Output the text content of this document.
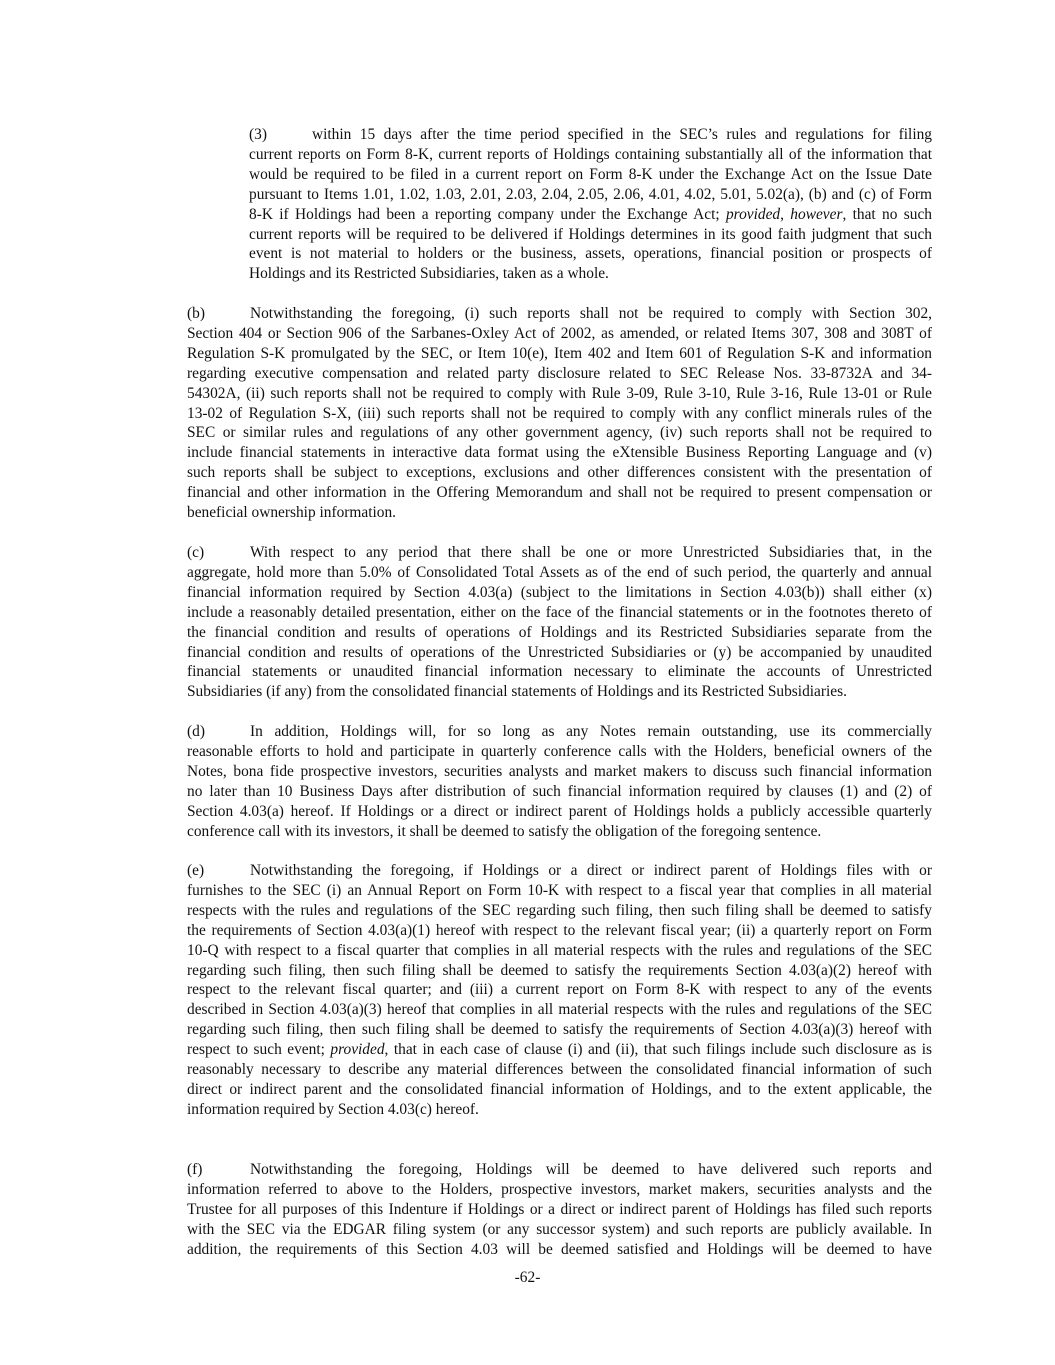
(3)	within 15 days after the time period specified in the SEC’s rules and regulations for filing
current reports on Form 8-K, current reports of Holdings containing substantially all of the information that
would be required to be filed in a current report on Form 8-K under the Exchange Act on the Issue Date
pursuant to Items 1.01, 1.02, 1.03, 2.01, 2.03, 2.04, 2.05, 2.06, 4.01, 4.02, 5.01, 5.02(a), (b) and (c) of Form
8-K if Holdings had been a reporting company under the Exchange Act; provided, however, that no such
current reports will be required to be delivered if Holdings determines in its good faith judgment that such
event is not material to holders or the business, assets, operations, financial position or prospects of
Holdings and its Restricted Subsidiaries, taken as a whole.
(b)	Notwithstanding the foregoing, (i) such reports shall not be required to comply with Section 302,
Section 404 or Section 906 of the Sarbanes-Oxley Act of 2002, as amended, or related Items 307, 308 and 308T of
Regulation S-K promulgated by the SEC, or Item 10(e), Item 402 and Item 601 of Regulation S-K and information
regarding executive compensation and related party disclosure related to SEC Release Nos. 33-8732A and 34-
54302A, (ii) such reports shall not be required to comply with Rule 3-09, Rule 3-10, Rule 3-16, Rule 13-01 or Rule
13-02 of Regulation S-X, (iii) such reports shall not be required to comply with any conflict minerals rules of the
SEC or similar rules and regulations of any other government agency, (iv) such reports shall not be required to
include financial statements in interactive data format using the eXtensible Business Reporting Language and (v)
such reports shall be subject to exceptions, exclusions and other differences consistent with the presentation of
financial and other information in the Offering Memorandum and shall not be required to present compensation or
beneficial ownership information.
(c)	With respect to any period that there shall be one or more Unrestricted Subsidiaries that, in the
aggregate, hold more than 5.0% of Consolidated Total Assets as of the end of such period, the quarterly and annual
financial information required by Section 4.03(a) (subject to the limitations in Section 4.03(b)) shall either (x)
include a reasonably detailed presentation, either on the face of the financial statements or in the footnotes thereto of
the financial condition and results of operations of Holdings and its Restricted Subsidiaries separate from the
financial condition and results of operations of the Unrestricted Subsidiaries or (y) be accompanied by unaudited
financial statements or unaudited financial information necessary to eliminate the accounts of Unrestricted
Subsidiaries (if any) from the consolidated financial statements of Holdings and its Restricted Subsidiaries.
(d)	In addition, Holdings will, for so long as any Notes remain outstanding, use its commercially
reasonable efforts to hold and participate in quarterly conference calls with the Holders, beneficial owners of the
Notes, bona fide prospective investors, securities analysts and market makers to discuss such financial information
no later than 10 Business Days after distribution of such financial information required by clauses (1) and (2) of
Section 4.03(a) hereof. If Holdings or a direct or indirect parent of Holdings holds a publicly accessible quarterly
conference call with its investors, it shall be deemed to satisfy the obligation of the foregoing sentence.
(e)	Notwithstanding the foregoing, if Holdings or a direct or indirect parent of Holdings files with or
furnishes to the SEC (i) an Annual Report on Form 10-K with respect to a fiscal year that complies in all material
respects with the rules and regulations of the SEC regarding such filing, then such filing shall be deemed to satisfy
the requirements of Section 4.03(a)(1) hereof with respect to the relevant fiscal year; (ii) a quarterly report on Form
10-Q with respect to a fiscal quarter that complies in all material respects with the rules and regulations of the SEC
regarding such filing, then such filing shall be deemed to satisfy the requirements Section 4.03(a)(2) hereof with
respect to the relevant fiscal quarter; and (iii) a current report on Form 8-K with respect to any of the events
described in Section 4.03(a)(3) hereof that complies in all material respects with the rules and regulations of the SEC
regarding such filing, then such filing shall be deemed to satisfy the requirements of Section 4.03(a)(3) hereof with
respect to such event; provided, that in each case of clause (i) and (ii), that such filings include such disclosure as is
reasonably necessary to describe any material differences between the consolidated financial information of such
direct or indirect parent and the consolidated financial information of Holdings, and to the extent applicable, the
information required by Section 4.03(c) hereof.
(f)	Notwithstanding the foregoing, Holdings will be deemed to have delivered such reports and
information referred to above to the Holders, prospective investors, market makers, securities analysts and the
Trustee for all purposes of this Indenture if Holdings or a direct or indirect parent of Holdings has filed such reports
with the SEC via the EDGAR filing system (or any successor system) and such reports are publicly available. In
addition, the requirements of this Section 4.03 will be deemed satisfied and Holdings will be deemed to have
-62-
